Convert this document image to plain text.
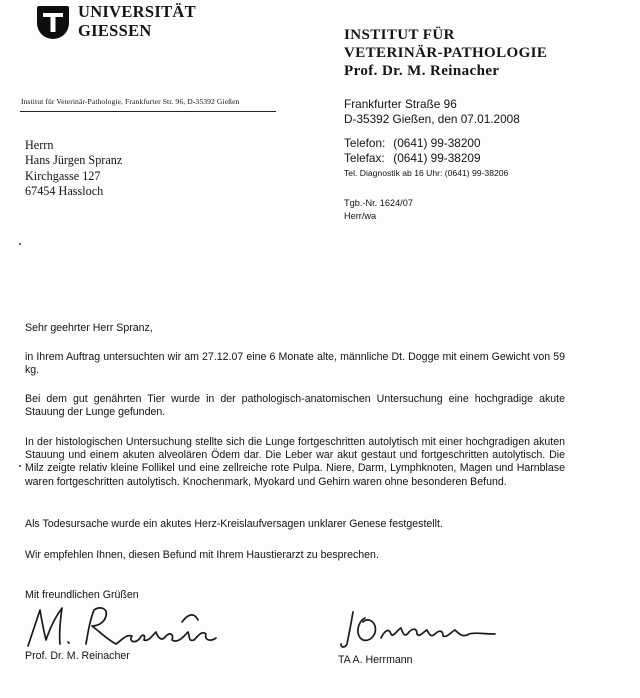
UNIVERSITÄT
GIESSEN	INSTITUT FÜR
VETERINÄR-PATHOLOGIE
Prof. Dr. M. Reinacher
Institut für Veterinär-Pathologie, Frankfurter Str. 96, D-35392 Gießen
Herrn
Hans Jürgen Spranz
Kirchgasse 127
67454 Hassloch
Frankfurter Straße 96
D-35392 Gießen, den 07.01.2008
Telefon: (0641) 99-38200
Telefax: (0641) 99-38209
Tel. Diagnostik ab 16 Uhr: (0641) 99-38206
Tgb.-Nr. 1624/07
Herr/wa
Sehr geehrter Herr Spranz,
in Ihrem Auftrag untersuchten wir am 27.12.07 eine 6 Monate alte, männliche Dt. Dogge mit einem Gewicht von 59 kg.
Bei dem gut genährten Tier wurde in der pathologisch-anatomischen Untersuchung eine hochgradige akute Stauung der Lunge gefunden.
In der histologischen Untersuchung stellte sich die Lunge fortgeschritten autolytisch mit einer hochgradigen akuten Stauung und einem akuten alveolären Ödem dar. Die Leber war akut gestaut und fortgeschritten autolytisch. Die Milz zeigte relativ kleine Follikel und eine zellreiche rote Pulpa. Niere, Darm, Lymphknoten, Magen und Harnblase waren fortgeschritten autolytisch. Knochenmark, Myokard und Gehirn waren ohne besonderen Befund.
Als Todesursache wurde ein akutes Herz-Kreislaufversagen unklarer Genese festgestellt.
Wir empfehlen Ihnen, diesen Befund mit Ihrem Haustierarzt zu besprechen.
Mit freundlichen Grüßen
Prof. Dr. M. Reinacher	TA A. Herrmann
